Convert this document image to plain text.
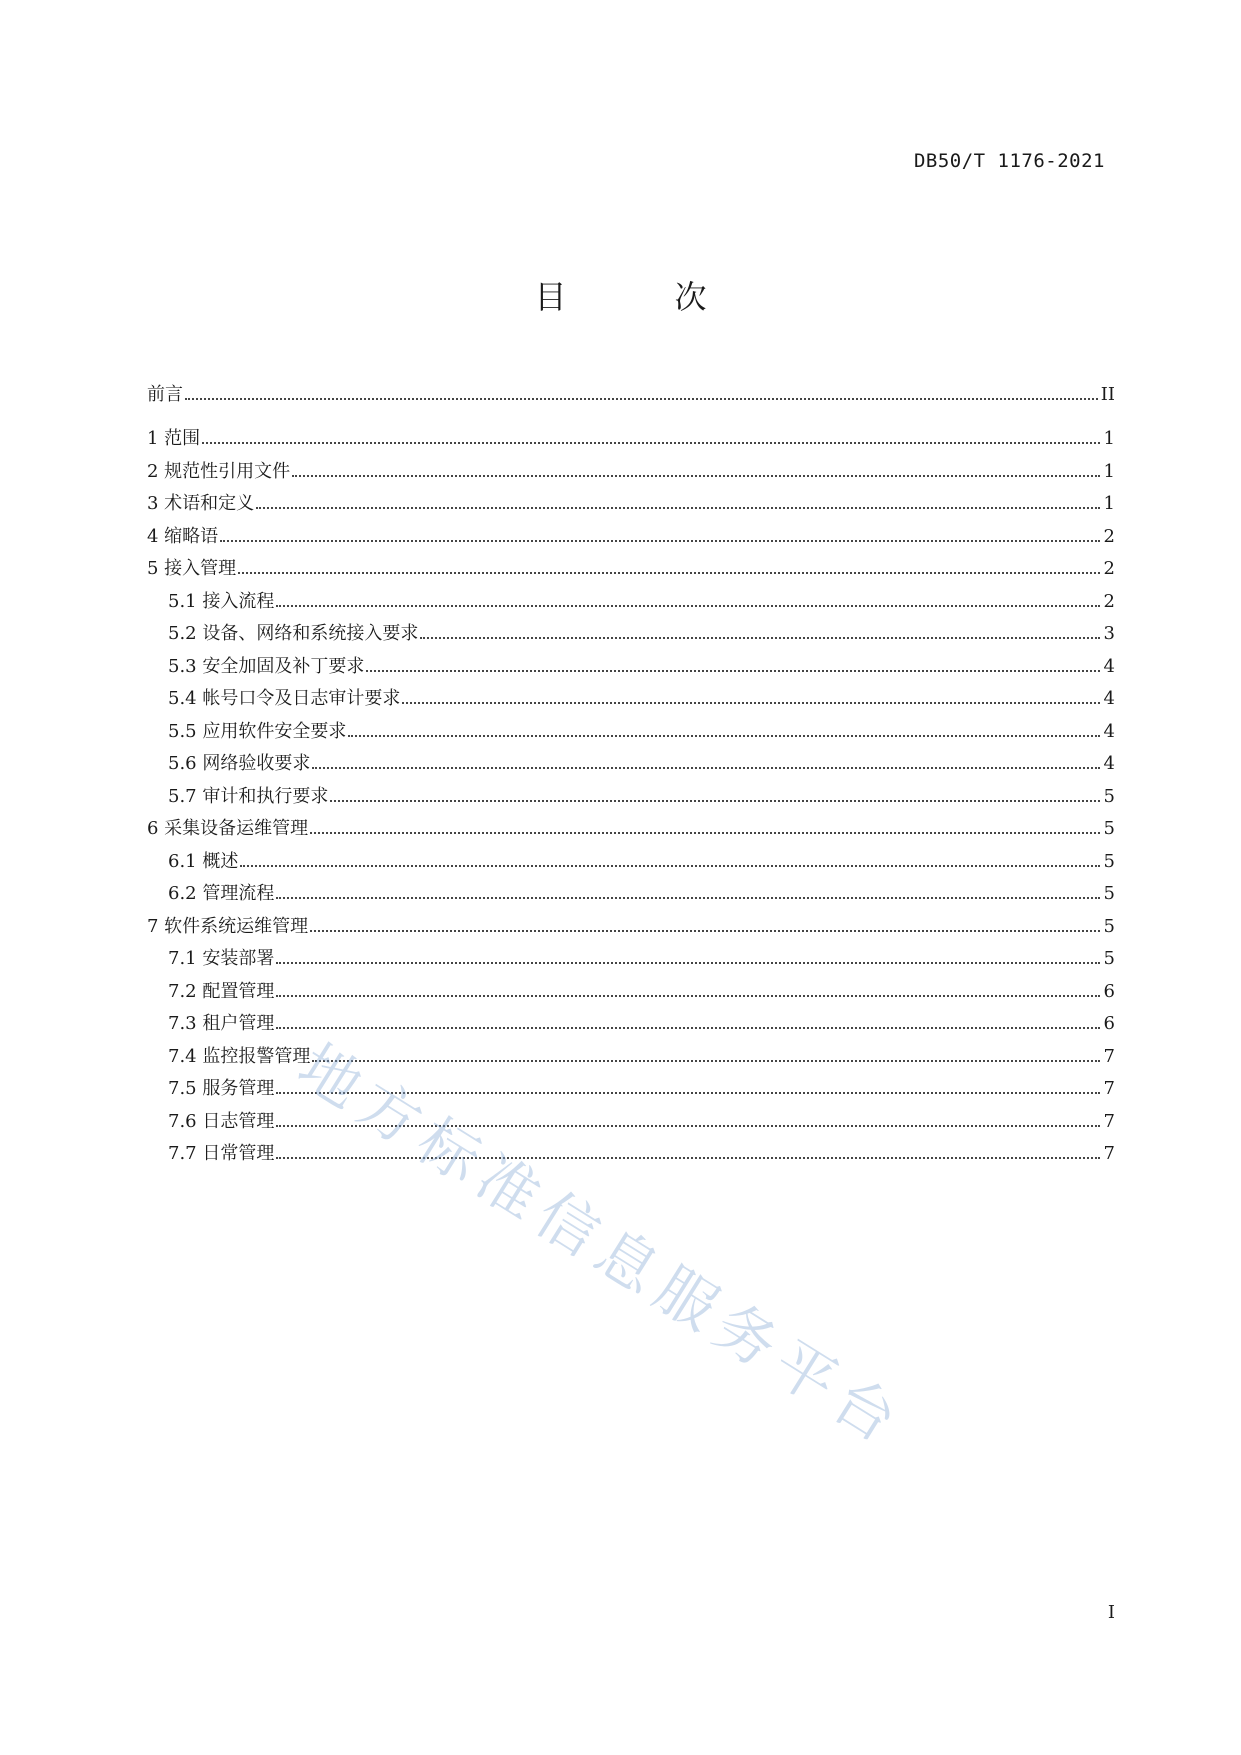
DB50/T 1176-2021
目　次
前言	II
1 范围	1
2 规范性引用文件	1
3 术语和定义	1
4 缩略语	2
5 接入管理	2
5.1 接入流程	2
5.2 设备、网络和系统接入要求	3
5.3 安全加固及补丁要求	4
5.4 帐号口令及日志审计要求	4
5.5 应用软件安全要求	4
5.6 网络验收要求	4
5.7 审计和执行要求	5
6 采集设备运维管理	5
6.1 概述	5
6.2 管理流程	5
7 软件系统运维管理	5
7.1 安装部署	5
7.2 配置管理	6
7.3 租户管理	6
7.4 监控报警管理	7
7.5 服务管理	7
7.6 日志管理	7
7.7 日常管理	7
地方标准信息服务平台
I
